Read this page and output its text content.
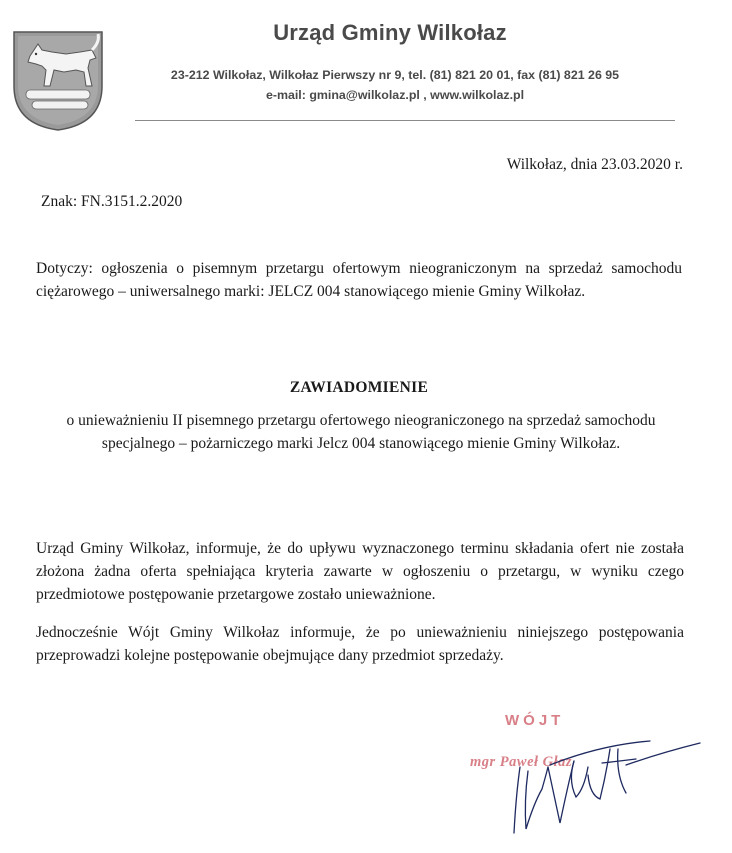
Urząd Gminy Wilkołaz
23-212 Wilkołaz, Wilkołaz Pierwszy nr 9, tel. (81) 821 20 01, fax (81) 821 26 95
e-mail: gmina@wilkolaz.pl , www.wilkolaz.pl
Wilkołaz, dnia 23.03.2020 r.
Znak: FN.3151.2.2020
Dotyczy: ogłoszenia o pisemnym przetargu ofertowym nieograniczonym na sprzedaż samochodu ciężarowego – uniwersalnego marki: JELCZ 004 stanowiącego mienie Gminy Wilkołaz.
ZAWIADOMIENIE
o unieważnieniu II pisemnego przetargu ofertowego nieograniczonego na sprzedaż samochodu specjalnego – pożarniczego marki Jelcz 004 stanowiącego mienie Gminy Wilkołaz.
Urząd Gminy Wilkołaz, informuje, że do upływu wyznaczonego terminu składania ofert nie została złożona żadna oferta spełniająca kryteria zawarte w ogłoszeniu o przetargu, w wyniku czego przedmiotowe postępowanie przetargowe zostało unieważnione.
Jednocześnie Wójt Gminy Wilkołaz informuje, że po unieważnieniu niniejszego postępowania przeprowadzi kolejne postępowanie obejmujące dany przedmiot sprzedaży.
WÓJT
mgr Paweł Głaz
